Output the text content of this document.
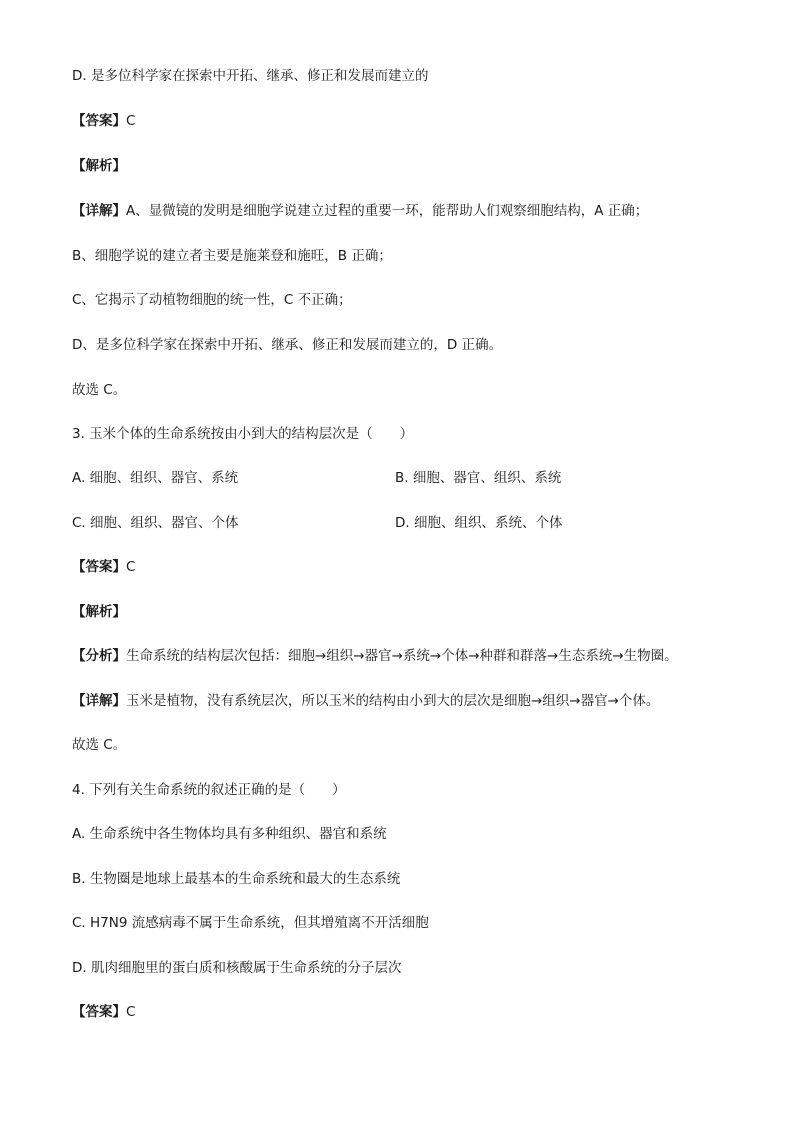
D. 是多位科学家在探索中开拓、继承、修正和发展而建立的
【答案】C
【解析】
【详解】A、显微镜的发明是细胞学说建立过程的重要一环，能帮助人们观察细胞结构，A 正确；
B、细胞学说的建立者主要是施莱登和施旺，B 正确；
C、它揭示了动植物细胞的统一性，C 不正确；
D、是多位科学家在探索中开拓、继承、修正和发展而建立的，D 正确。
故选 C。
3. 玉米个体的生命系统按由小到大的结构层次是（　　）
A. 细胞、组织、器官、系统	B. 细胞、器官、组织、系统
C. 细胞、组织、器官、个体	D. 细胞、组织、系统、个体
【答案】C
【解析】
【分析】生命系统的结构层次包括：细胞→组织→器官→系统→个体→种群和群落→生态系统→生物圈。
【详解】玉米是植物，没有系统层次，所以玉米的结构由小到大的层次是细胞→组织→器官→个体。
故选 C。
4. 下列有关生命系统的叙述正确的是（　　）
A. 生命系统中各生物体均具有多种组织、器官和系统
B. 生物圈是地球上最基本的生命系统和最大的生态系统
C. H7N9 流感病毒不属于生命系统，但其增殖离不开活细胞
D. 肌肉细胞里的蛋白质和核酸属于生命系统的分子层次
【答案】C
